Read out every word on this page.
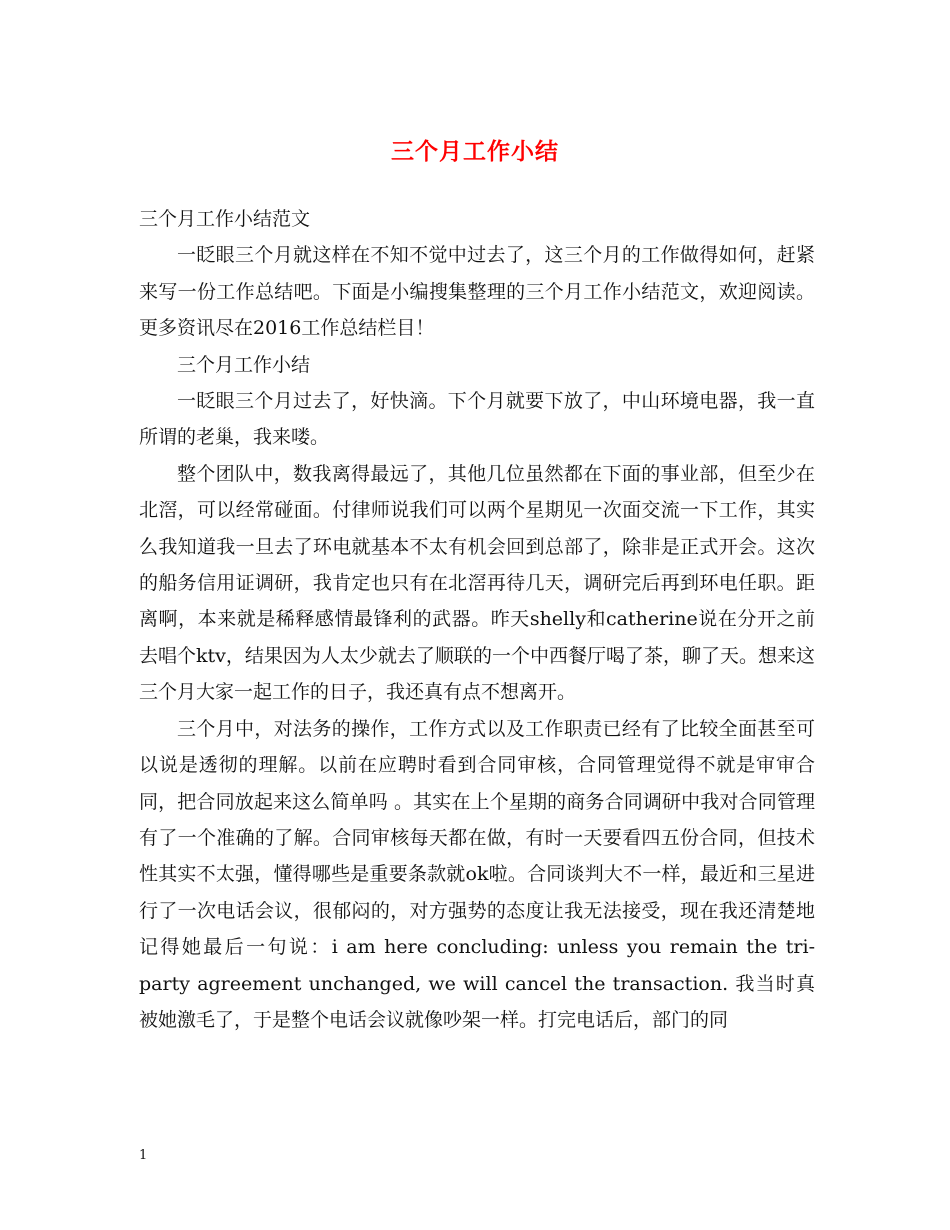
三个月工作小结

三个月工作小结范文

一眨眼三个月就这样在不知不觉中过去了，这三个月的工作做得如何，赶紧来写一份工作总结吧。下面是小编搜集整理的三个月工作小结范文，欢迎阅读。更多资讯尽在2016工作总结栏目！

三个月工作小结

一眨眼三个月过去了，好快滴。下个月就要下放了，中山环境电器，我一直所谓的老巢，我来喽。

整个团队中，数我离得最远了，其他几位虽然都在下面的事业部，但至少在北滘，可以经常碰面。付律师说我们可以两个星期见一次面交流一下工作，其实么我知道我一旦去了环电就基本不太有机会回到总部了，除非是正式开会。这次的船务信用证调研，我肯定也只有在北滘再待几天，调研完后再到环电任职。距离啊，本来就是稀释感情最锋利的武器。昨天shelly和catherine说在分开之前去唱个ktv，结果因为人太少就去了顺联的一个中西餐厅喝了茶，聊了天。想来这三个月大家一起工作的日子，我还真有点不想离开。

三个月中，对法务的操作，工作方式以及工作职责已经有了比较全面甚至可以说是透彻的理解。以前在应聘时看到合同审核，合同管理觉得不就是审审合同，把合同放起来这么简单吗 。其实在上个星期的商务合同调研中我对合同管理有了一个准确的了解。合同审核每天都在做，有时一天要看四五份合同，但技术性其实不太强，懂得哪些是重要条款就ok啦。合同谈判大不一样，最近和三星进行了一次电话会议，很郁闷的，对方强势的态度让我无法接受，现在我还清楚地记得她最后一句说：i am here concluding: unless you remain the tri-party agreement unchanged, we will cancel the transaction. 我当时真被她激毛了，于是整个电话会议就像吵架一样。打完电话后，部门的同

1
